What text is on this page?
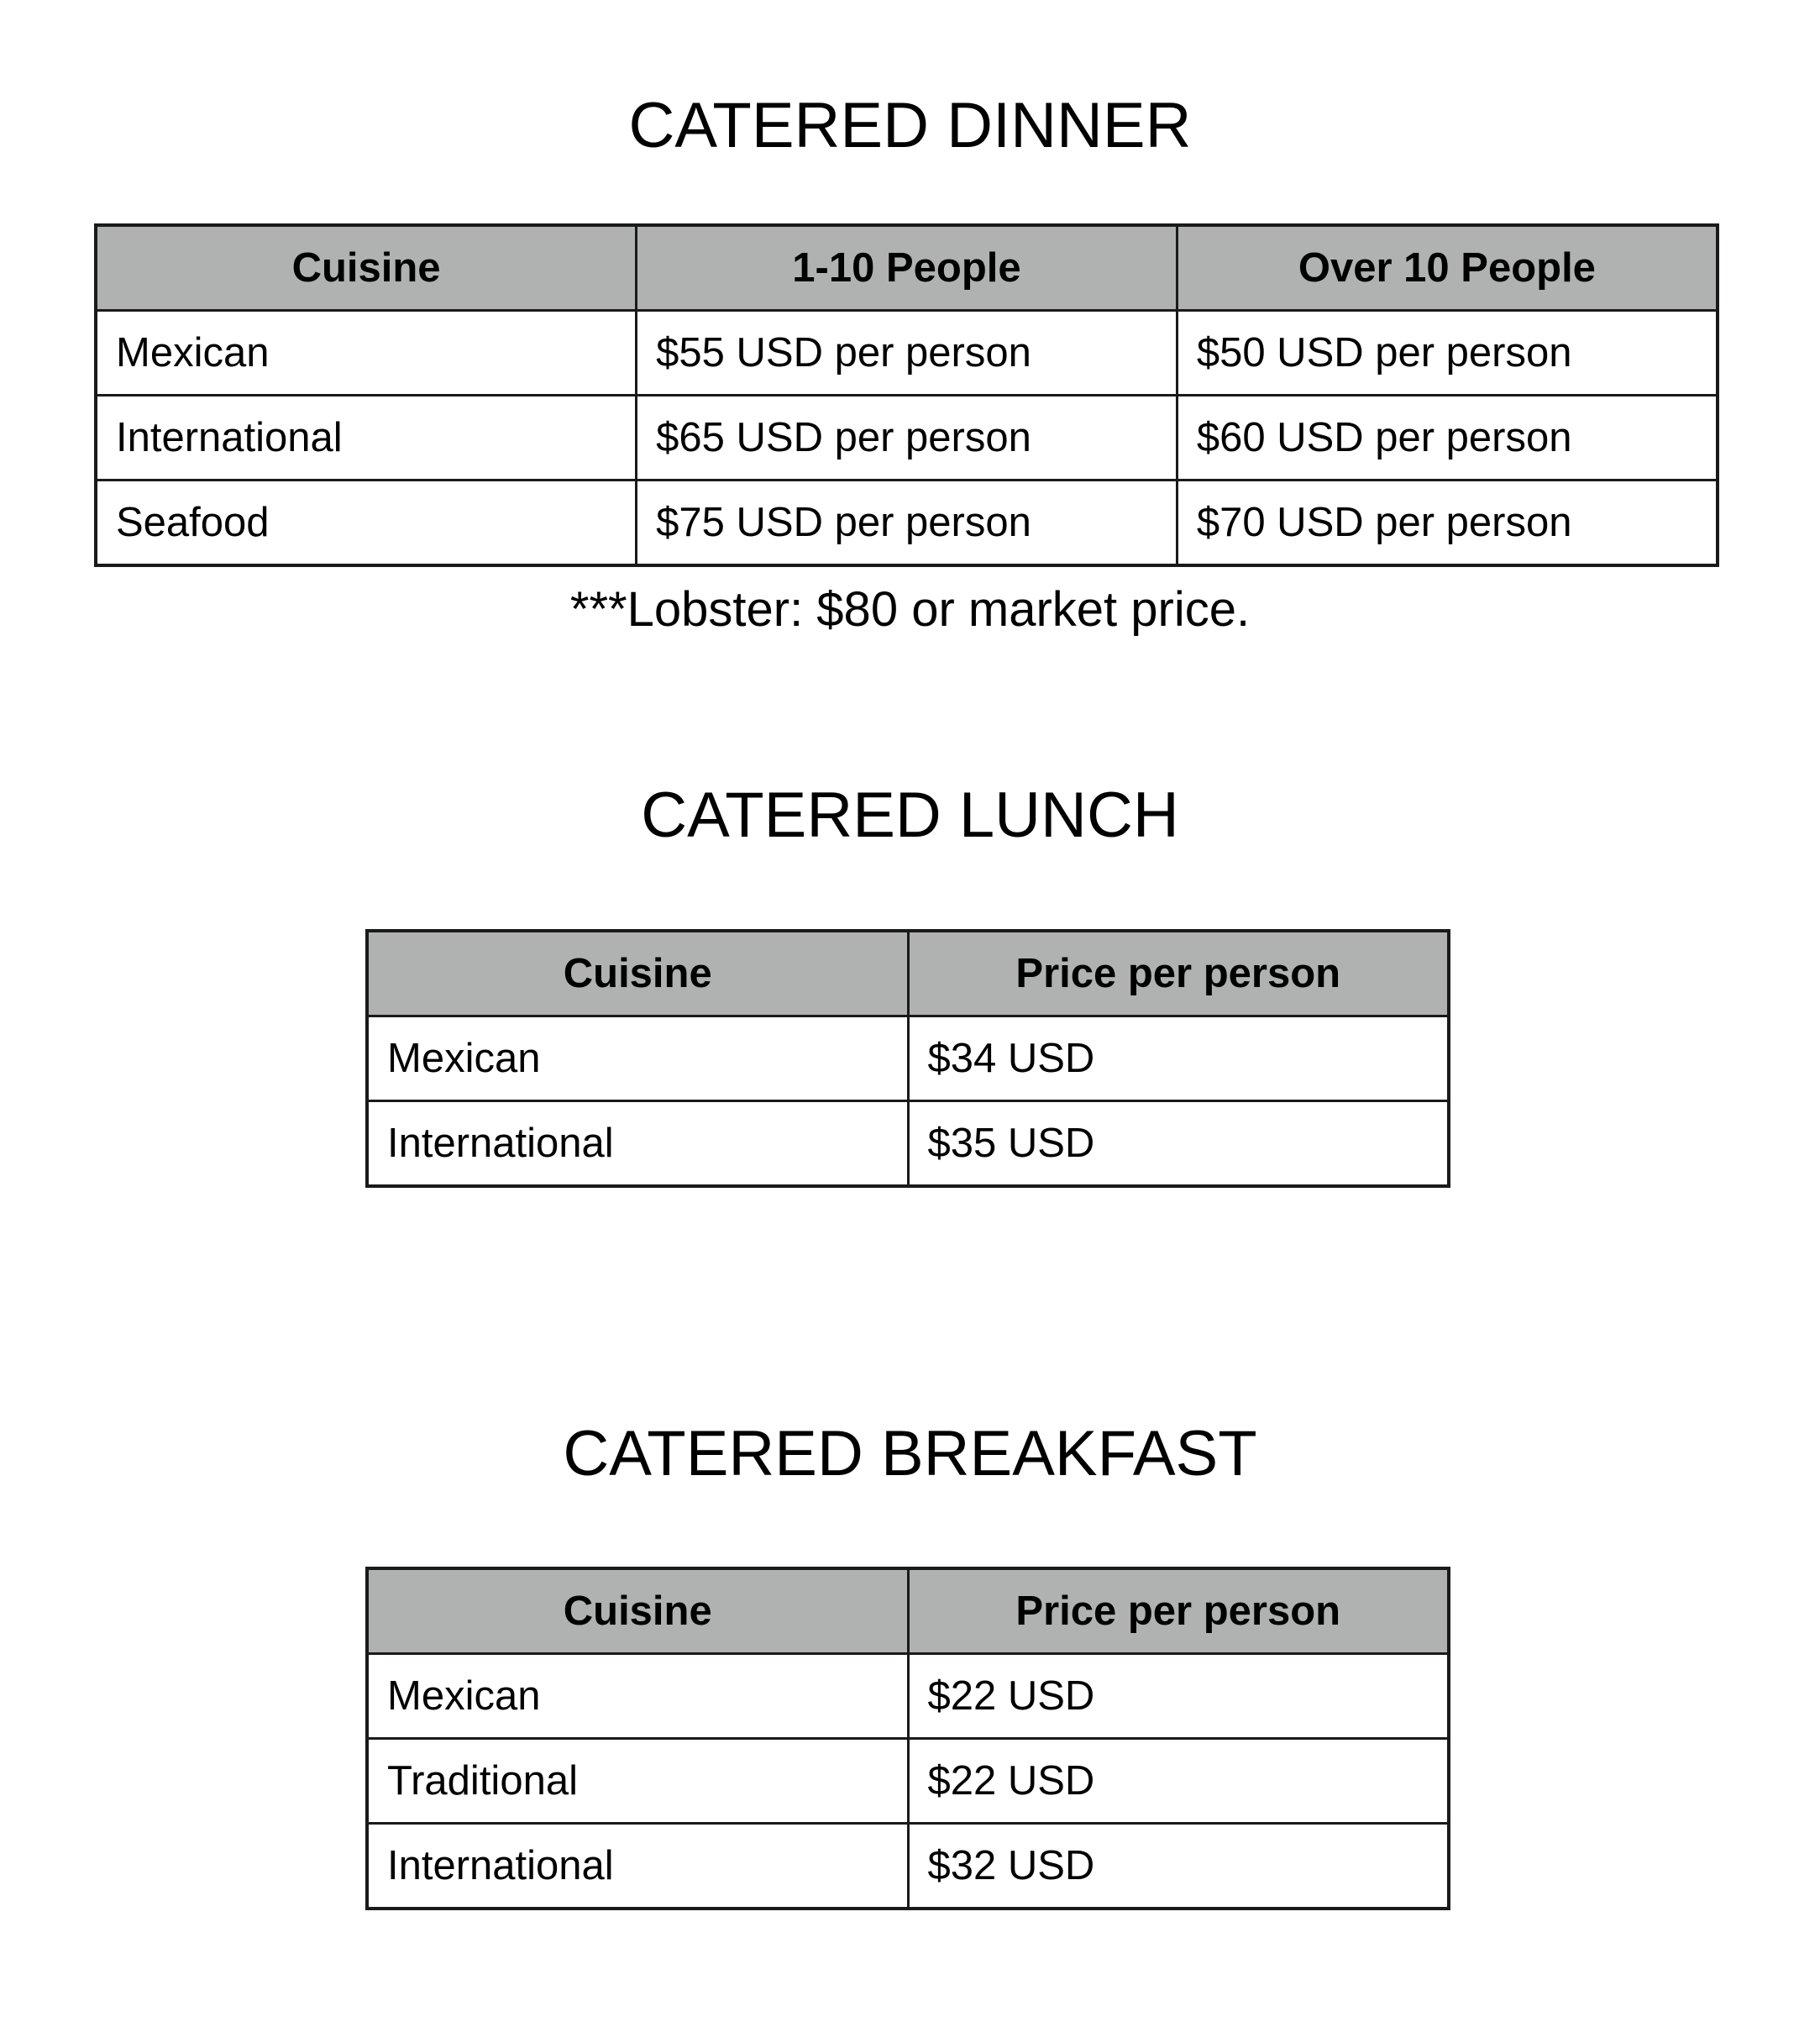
CATERED DINNER
Cuisine	1-10 People	Over 10 People
Mexican	$55 USD per person	$50 USD per person
International	$65 USD per person	$60 USD per person
Seafood	$75 USD per person	$70 USD per person
***Lobster: $80 or market price.
CATERED LUNCH
Cuisine	Price per person
Mexican	$34 USD
International	$35 USD
CATERED BREAKFAST
Cuisine	Price per person
Mexican	$22 USD
Traditional	$22 USD
International	$32 USD
